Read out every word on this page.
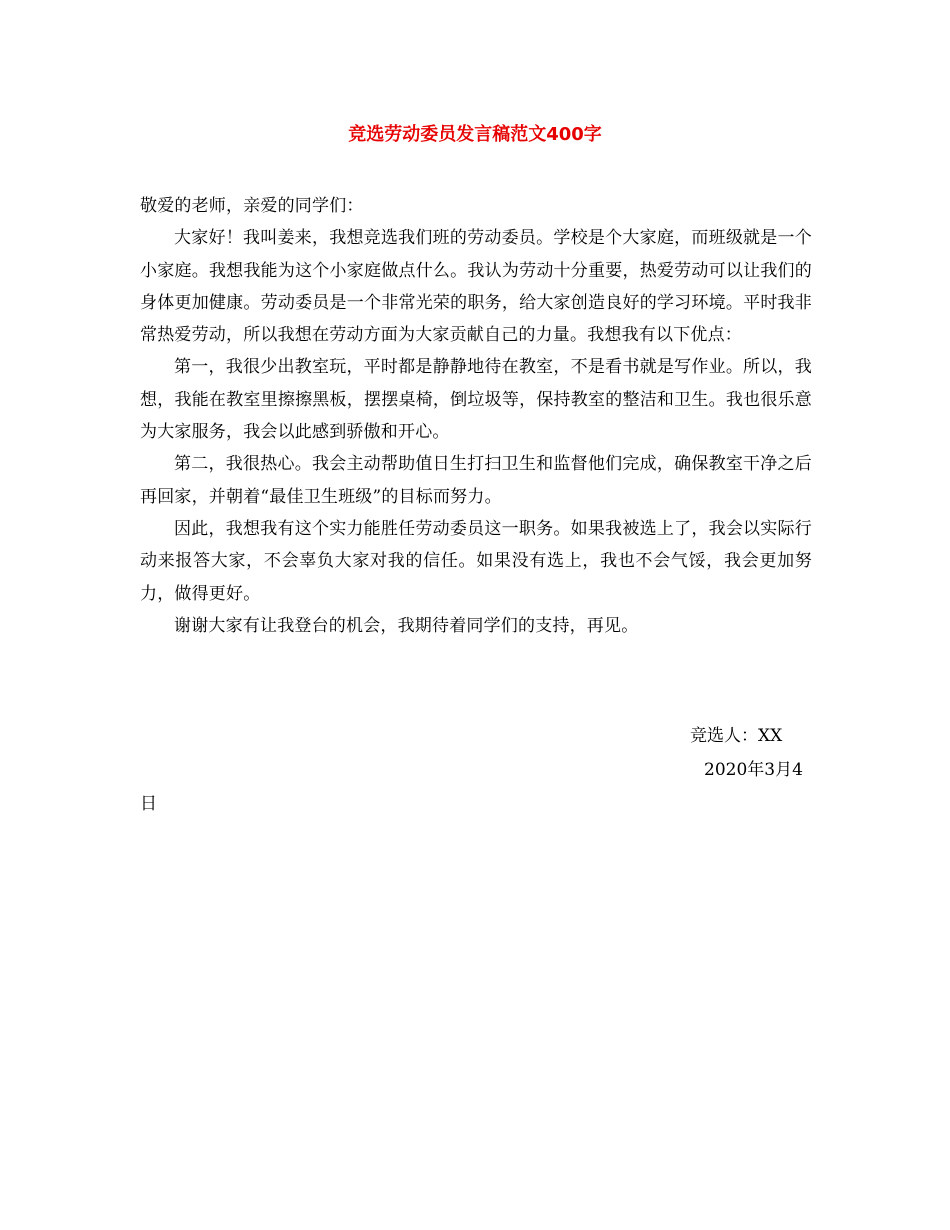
竞选劳动委员发言稿范文400字

敬爱的老师，亲爱的同学们：

大家好！我叫姜来，我想竞选我们班的劳动委员。学校是个大家庭，而班级就是一个小家庭。我想我能为这个小家庭做点什么。我认为劳动十分重要，热爱劳动可以让我们的身体更加健康。劳动委员是一个非常光荣的职务，给大家创造良好的学习环境。平时我非常热爱劳动，所以我想在劳动方面为大家贡献自己的力量。我想我有以下优点：

第一，我很少出教室玩，平时都是静静地待在教室，不是看书就是写作业。所以，我想，我能在教室里擦擦黑板，摆摆桌椅，倒垃圾等，保持教室的整洁和卫生。我也很乐意为大家服务，我会以此感到骄傲和开心。

第二，我很热心。我会主动帮助值日生打扫卫生和监督他们完成，确保教室干净之后再回家，并朝着“最佳卫生班级”的目标而努力。

因此，我想我有这个实力能胜任劳动委员这一职务。如果我被选上了，我会以实际行动来报答大家，不会辜负大家对我的信任。如果没有选上，我也不会气馁，我会更加努力，做得更好。

谢谢大家有让我登台的机会，我期待着同学们的支持，再见。

竞选人：XX
2020年3月4
日
